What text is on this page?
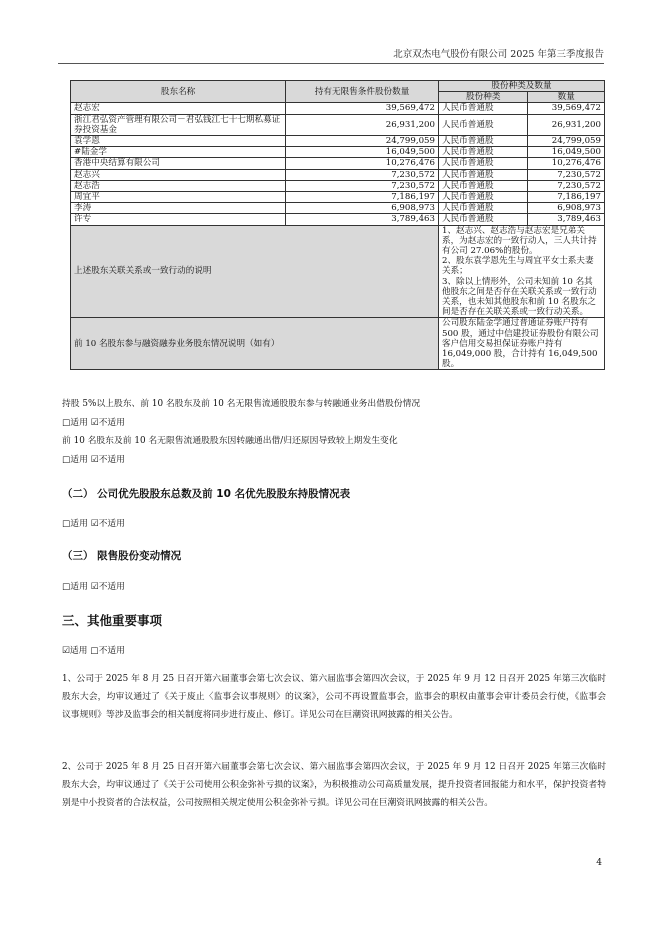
北京双杰电气股份有限公司 2025 年第三季度报告
股东名称	持有无限售条件股份数量	股份种类及数量	
		股份种类	数量
赵志宏	39,569,472	人民币普通股	39,569,472
浙江君弘资产管理有限公司－君弘钱江七十七期私募证券投资基金	26,931,200	人民币普通股	26,931,200
袁学恩	24,799,059	人民币普通股	24,799,059
#陆金学	16,049,500	人民币普通股	16,049,500
香港中央结算有限公司	10,276,476	人民币普通股	10,276,476
赵志兴	7,230,572	人民币普通股	7,230,572
赵志浩	7,230,572	人民币普通股	7,230,572
周宜平	7,186,197	人民币普通股	7,186,197
李涛	6,908,973	人民币普通股	6,908,973
许专	3,789,463	人民币普通股	3,789,463
上述股东关联关系或一致行动的说明		1、赵志兴、赵志浩与赵志宏是兄弟关系，为赵志宏的一致行动人，三人共计持有公司 27.06%的股份。
2、股东袁学恩先生与周宜平女士系夫妻关系；
3、除以上情形外，公司未知前 10 名其他股东之间是否存在关联关系或一致行动关系，也未知其他股东和前 10 名股东之间是否存在关联关系或一致行动关系。	
前 10 名股东参与融资融券业务股东情况说明（如有）		公司股东陆金学通过普通证券账户持有 500 股，通过中信建投证券股份有限公司客户信用交易担保证券账户持有 16,049,000 股，合计持有 16,049,500 股。	
持股 5%以上股东、前 10 名股东及前 10 名无限售流通股股东参与转融通业务出借股份情况
□适用 ☑不适用
前 10 名股东及前 10 名无限售流通股股东因转融通出借/归还原因导致较上期发生变化
□适用 ☑不适用
（二） 公司优先股股东总数及前 10 名优先股股东持股情况表
□适用 ☑不适用
（三） 限售股份变动情况
□适用 ☑不适用
三、其他重要事项
☑适用 □不适用
1、公司于 2025 年 8 月 25 日召开第六届董事会第七次会议、第六届监事会第四次会议，于 2025 年 9 月 12 日召开 2025 年第三次临时股东大会，均审议通过了《关于废止〈监事会议事规则〉的议案》，公司不再设置监事会，监事会的职权由董事会审计委员会行使，《监事会议事规则》等涉及监事会的相关制度将同步进行废止、修订。详见公司在巨潮资讯网披露的相关公告。
2、公司于 2025 年 8 月 25 日召开第六届董事会第七次会议、第六届监事会第四次会议，于 2025 年 9 月 12 日召开 2025 年第三次临时股东大会，均审议通过了《关于公司使用公积金弥补亏损的议案》，为积极推动公司高质量发展，提升投资者回报能力和水平，保护投资者特别是中小投资者的合法权益，公司按照相关规定使用公积金弥补亏损。详见公司在巨潮资讯网披露的相关公告。
4
